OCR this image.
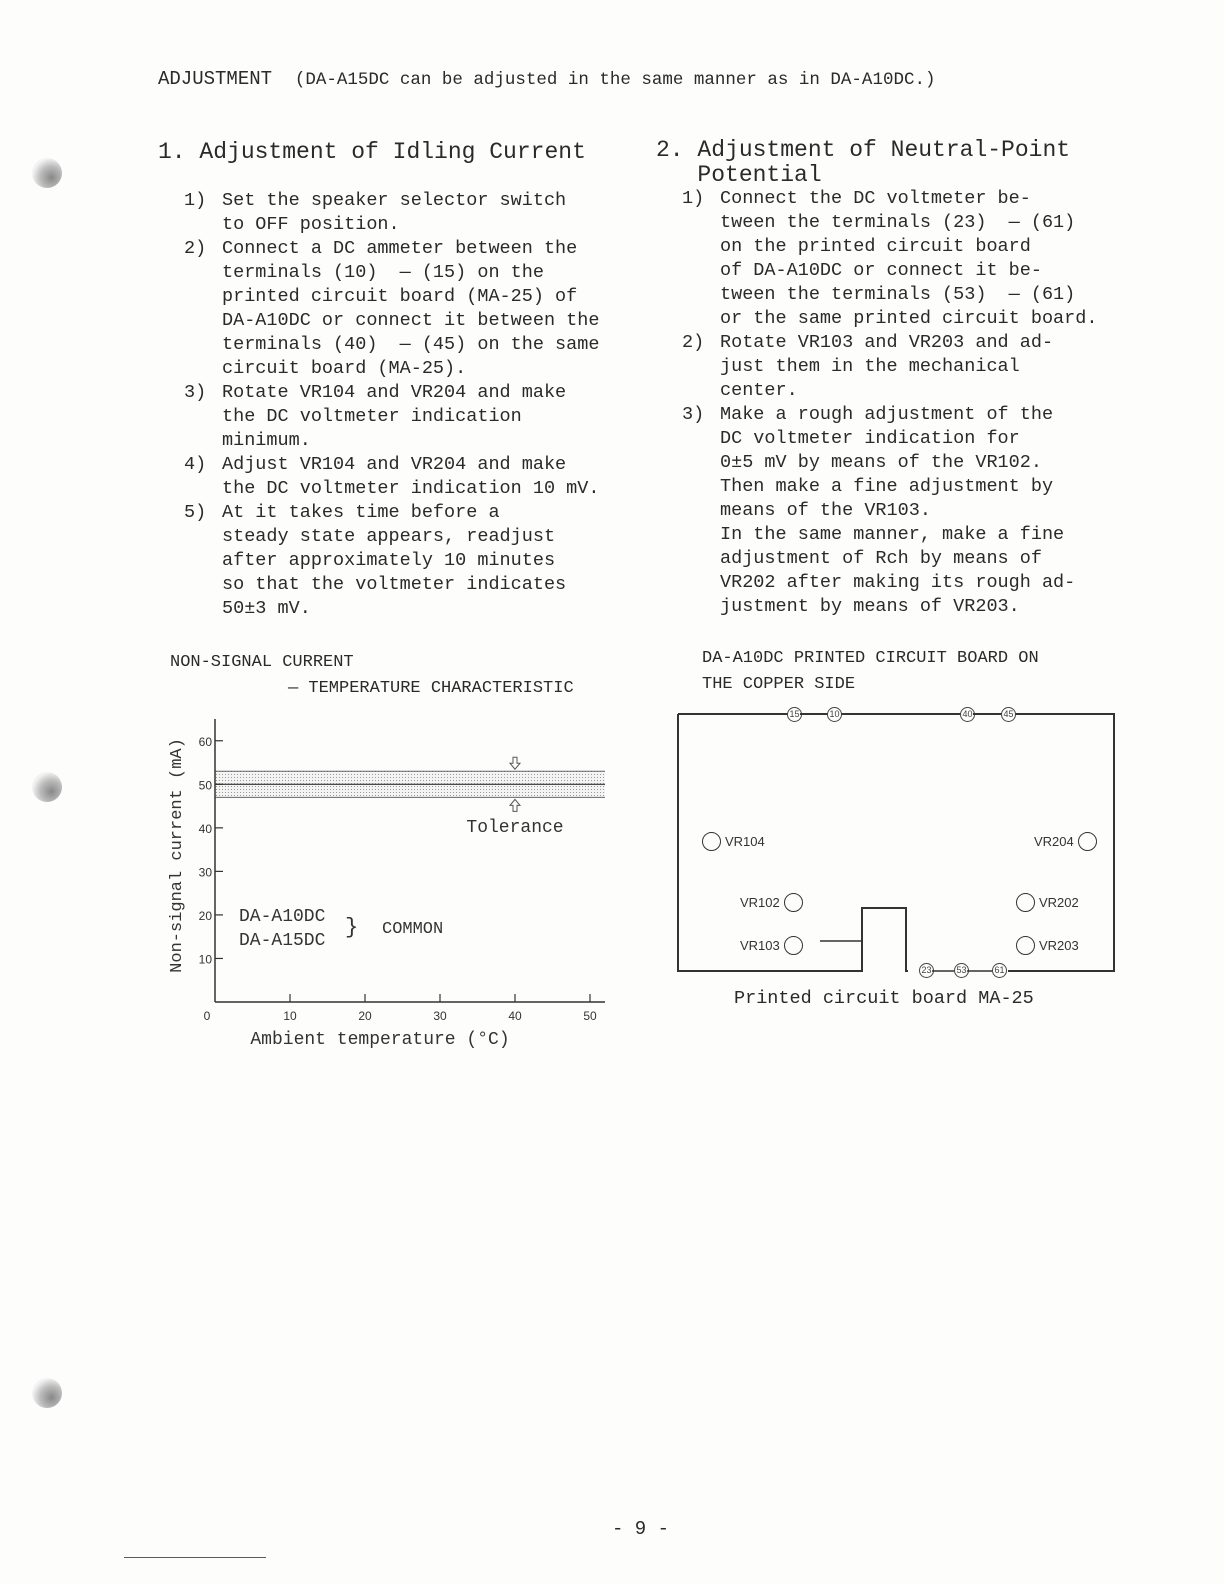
ADJUSTMENT (DA-A15DC can be adjusted in the same manner as in DA-A10DC.)
1. Adjustment of Idling Current
1) Set the speaker selector switch
to OFF position.
2) Connect a DC ammeter between the
terminals (10)  — (15) on the
printed circuit board (MA-25) of
DA-A10DC or connect it between the
terminals (40)  — (45) on the same
circuit board (MA-25).
3) Rotate VR104 and VR204 and make
the DC voltmeter indication
minimum.
4) Adjust VR104 and VR204 and make
the DC voltmeter indication 10 mV.
5) At it takes time before a
steady state appears, readjust
after approximately 10 minutes
so that the voltmeter indicates
50±3 mV.
2. Adjustment of Neutral-Point
Potential
1) Connect the DC voltmeter be-
tween the terminals (23)  — (61)
on the printed circuit board
of DA-A10DC or connect it be-
tween the terminals (53)  — (61)
or the same printed circuit board.
2) Rotate VR103 and VR203 and ad-
just them in the mechanical
center.
3) Make a rough adjustment of the
DC voltmeter indication for
0±5 mV by means of the VR102.
Then make a fine adjustment by
means of the VR103.
In the same manner, make a fine
adjustment of Rch by means of
VR202 after making its rough ad-
justment by means of VR203.
NON-SIGNAL CURRENT
— TEMPERATURE CHARACTERISTIC
Non-signal current (mA)
Ambient temperature (°C)
10
20
30
40
50
60
0	10	20	30	40	50
Tolerance
DA-A10DC
DA-A15DC
} COMMON
DA-A10DC PRINTED CIRCUIT BOARD ON
THE COPPER SIDE
15	10	40	45
23	53	61
VR104	VR204
VR102	VR202
VR103	VR203
Printed circuit board MA-25
- 9 -
